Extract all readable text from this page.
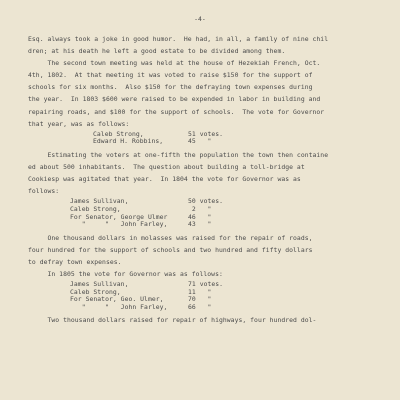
-4-
Esq. always took a joke in good humor.  He had, in all, a family of nine chil
dren; at his death he left a good estate to be divided among them.
The second town meeting was held at the house of Hezekiah French, Oct.
4th, 1802.  At that meeting it was voted to raise $150 for the support of
schools for six months.  Also $150 for the defraying town expenses during
the year.  In 1803 $600 were raised to be expended in labor in building and
repairing roads, and $100 for the support of schools.  The vote for Governor
that year, was as follows:

Caleb Strong,

	51 votes.

Edward H. Robbins,

	45   "

Estimating the voters at one-fifth the population the town then containe
ed about 500 inhabitants.  The question about building a toll-bridge at
Cookiesp was agitated that year.  In 1804 the vote for Governor was as
follows:

James Sullivan,

	50 votes.

Caleb Strong,

	2   "

For Senator, George Ulmer

	46   "

"     "   John Farley,

	43   "

One thousand dollars in molasses was raised for the repair of roads,
four hundred for the support of schools and two hundred and fifty dollars
to defray town expenses.
In 1805 the vote for Governor was as follows:

James Sullivan,

	71 votes.

Caleb Strong,

	11   "

For Senator, Geo. Ulmer,

	70   "

"     "   John Farley,

	66   "

Two thousand dollars raised for repair of highways, four hundred dol-
